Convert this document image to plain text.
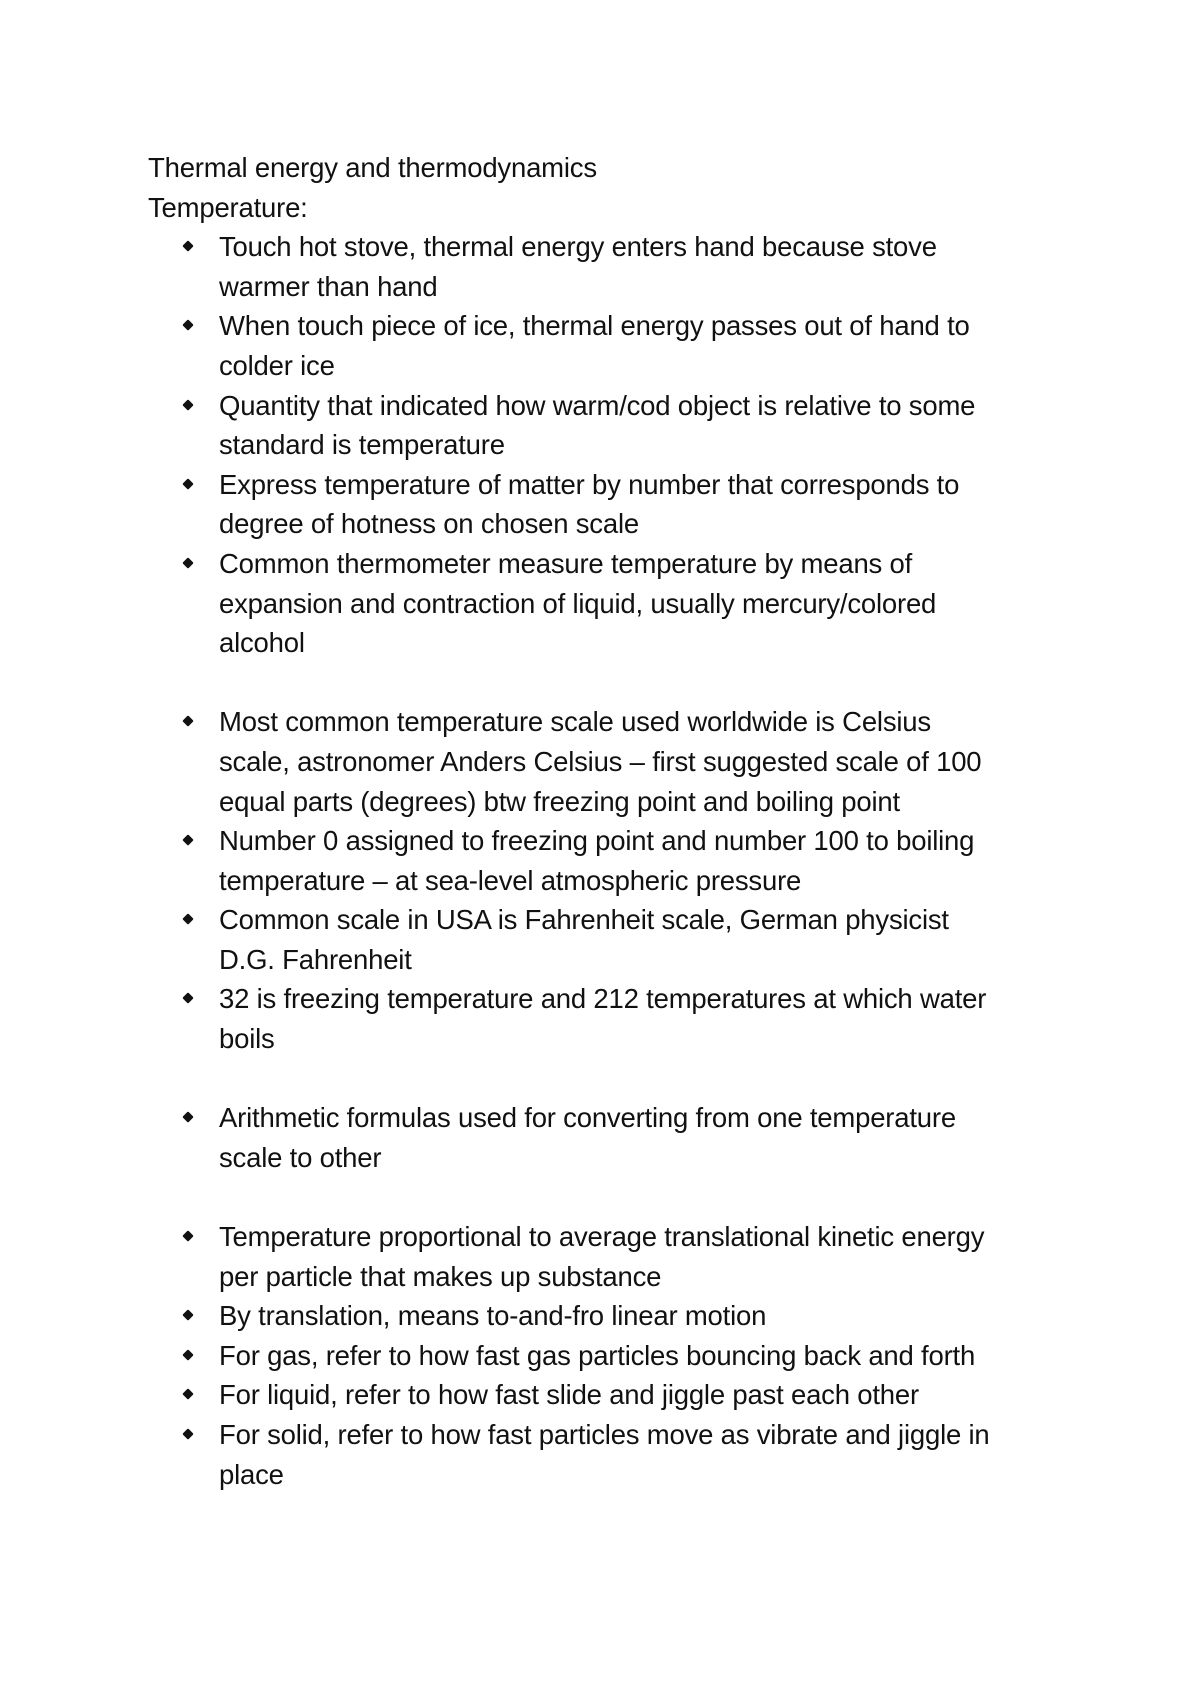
Thermal energy and thermodynamics
Temperature:
Touch hot stove, thermal energy enters hand because stove warmer than hand
When touch piece of ice, thermal energy passes out of hand to colder ice
Quantity that indicated how warm/cod object is relative to some standard is temperature
Express temperature of matter by number that corresponds to degree of hotness on chosen scale
Common thermometer measure temperature by means of expansion and contraction of liquid, usually mercury/colored alcohol
Most common temperature scale used worldwide is Celsius scale, astronomer Anders Celsius – first suggested scale of 100 equal parts (degrees) btw freezing point and boiling point
Number 0 assigned to freezing point and number 100 to boiling temperature – at sea-level atmospheric pressure
Common scale in USA is Fahrenheit scale, German physicist D.G. Fahrenheit
32 is freezing temperature and 212 temperatures at which water boils
Arithmetic formulas used for converting from one temperature scale to other
Temperature proportional to average translational kinetic energy per particle that makes up substance
By translation, means to-and-fro linear motion
For gas, refer to how fast gas particles bouncing back and forth
For liquid, refer to how fast slide and jiggle past each other
For solid, refer to how fast particles move as vibrate and jiggle in place
